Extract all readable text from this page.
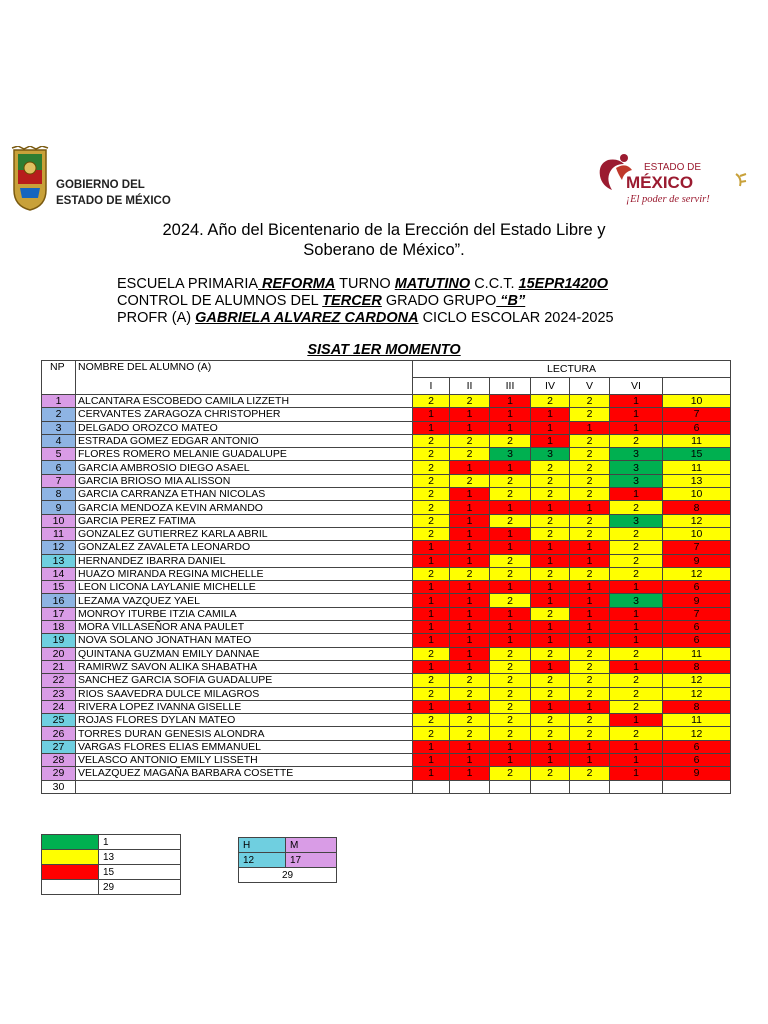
GOBIERNO DEL
ESTADO DE MÉXICO
ESTADO DE
MÉXICO
¡El poder de servir!
2024. Año del Bicentenario de la Erección del Estado Libre y
Soberano de México”.
ESCUELA PRIMARIA REFORMA TURNO MATUTINO C.C.T. 15EPR1420O
CONTROL DE ALUMNOS DEL TERCER GRADO GRUPO “B”
PROFR (A) GABRIELA ALVAREZ CARDONA CICLO ESCOLAR 2024-2025
SISAT 1ER MOMENTO
NP	NOMBRE DEL ALUMNO (A)	LECTURA						
		I	II	III	IV	V	VI	
1	ALCANTARA ESCOBEDO CAMILA LIZZETH	2	2	1	2	2	1	10
2	CERVANTES ZARAGOZA CHRISTOPHER	1	1	1	1	2	1	7
3	DELGADO OROZCO MATEO	1	1	1	1	1	1	6
4	ESTRADA GOMEZ EDGAR ANTONIO	2	2	2	1	2	2	11
5	FLORES ROMERO MELANIE GUADALUPE	2	2	3	3	2	3	15
6	GARCIA AMBROSIO DIEGO ASAEL	2	1	1	2	2	3	11
7	GARCIA BRIOSO MIA ALISSON	2	2	2	2	2	3	13
8	GARCIA CARRANZA ETHAN NICOLAS	2	1	2	2	2	1	10
9	GARCIA MENDOZA KEVIN ARMANDO	2	1	1	1	1	2	8
10	GARCIA PEREZ FATIMA	2	1	2	2	2	3	12
11	GONZALEZ GUTIERREZ KARLA ABRIL	2	1	1	2	2	2	10
12	GONZALEZ ZAVALETA LEONARDO	1	1	1	1	1	2	7
13	HERNANDEZ IBARRA DANIEL	1	1	2	1	1	2	9
14	HUAZO MIRANDA REGINA MICHELLE	2	2	2	2	2	2	12
15	LEON LICONA LAYLANIE MICHELLE	1	1	1	1	1	1	6
16	LEZAMA VAZQUEZ YAEL	1	1	2	1	1	3	9
17	MONROY ITURBE ITZIA CAMILA	1	1	1	2	1	1	7
18	MORA VILLASEÑOR ANA PAULET	1	1	1	1	1	1	6
19	NOVA SOLANO JONATHAN MATEO	1	1	1	1	1	1	6
20	QUINTANA GUZMAN EMILY DANNAE	2	1	2	2	2	2	11
21	RAMIRWZ SAVON ALIKA SHABATHA	1	1	2	1	2	1	8
22	SANCHEZ GARCIA SOFIA GUADALUPE	2	2	2	2	2	2	12
23	RIOS SAAVEDRA DULCE MILAGROS	2	2	2	2	2	2	12
24	RIVERA LOPEZ IVANNA GISELLE	1	1	2	1	1	2	8
25	ROJAS FLORES DYLAN MATEO	2	2	2	2	2	1	11
26	TORRES DURAN GENESIS ALONDRA	2	2	2	2	2	2	12
27	VARGAS FLORES ELIAS EMMANUEL	1	1	1	1	1	1	6
28	VELASCO ANTONIO EMILY LISSETH	1	1	1	1	1	1	6
29	VELAZQUEZ MAGAÑA BARBARA COSETTE	1	1	2	2	2	1	9
30								
	1
	13
	15
	29
H	M
12	17
29	
